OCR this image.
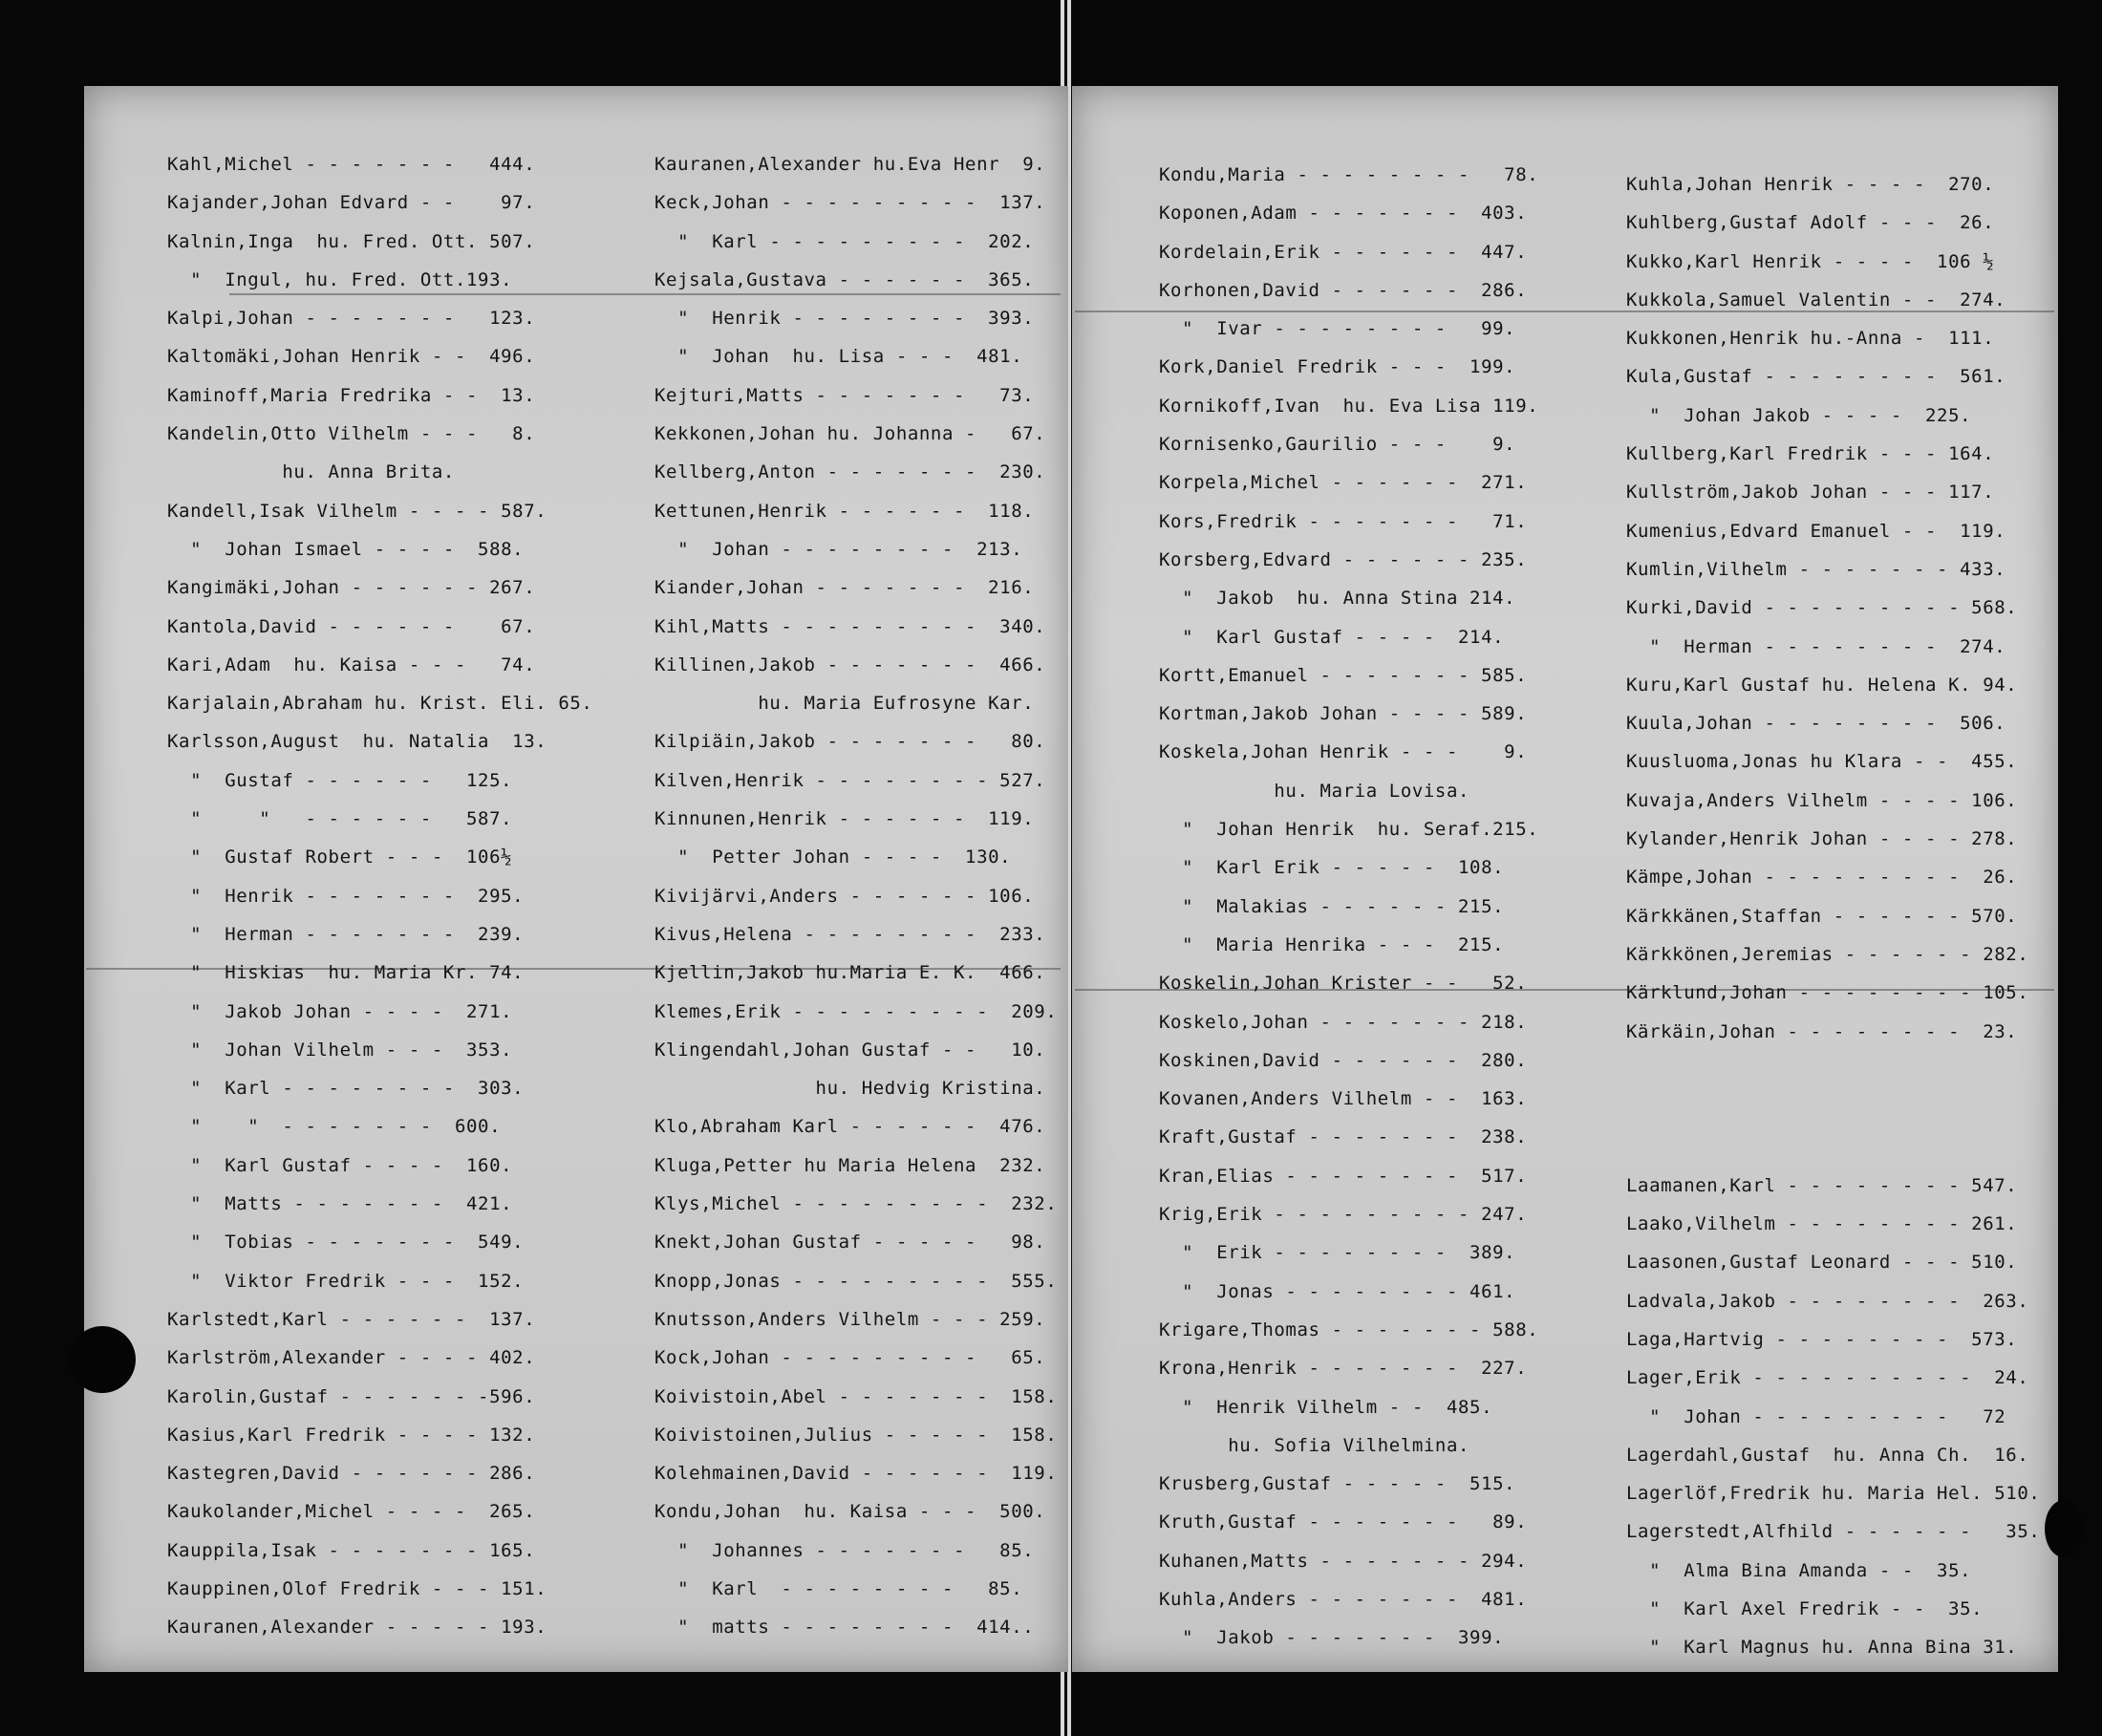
Kahl,Michel - - - - - - -   444.
Kajander,Johan Edvard - -    97.
Kalnin,Inga  hu. Fred. Ott. 507.
"  Ingul, hu. Fred. Ott.193.
Kalpi,Johan - - - - - - -   123.
Kaltomäki,Johan Henrik - -  496.
Kaminoff,Maria Fredrika - -  13.
Kandelin,Otto Vilhelm - - -   8.
hu. Anna Brita.
Kandell,Isak Vilhelm - - - - 587.
"  Johan Ismael - - - -  588.
Kangimäki,Johan - - - - - - 267.
Kantola,David - - - - - -    67.
Kari,Adam  hu. Kaisa - - -   74.
Karjalain,Abraham hu. Krist. Eli. 65.
Karlsson,August  hu. Natalia  13.
"  Gustaf - - - - - -   125.
"     "   - - - - - -   587.
"  Gustaf Robert - - -  106½
"  Henrik - - - - - - -  295.
"  Herman - - - - - - -  239.
"  Hiskias  hu. Maria Kr. 74.
"  Jakob Johan - - - -  271.
"  Johan Vilhelm - - -  353.
"  Karl - - - - - - - -  303.
"    "  - - - - - - -  600.
"  Karl Gustaf - - - -  160.
"  Matts - - - - - - -  421.
"  Tobias - - - - - - -  549.
"  Viktor Fredrik - - -  152.
Karlstedt,Karl - - - - - -  137.
Karlström,Alexander - - - - 402.
Karolin,Gustaf - - - - - - -596.
Kasius,Karl Fredrik - - - - 132.
Kastegren,David - - - - - - 286.
Kaukolander,Michel - - - -  265.
Kauppila,Isak - - - - - - - 165.
Kauppinen,Olof Fredrik - - - 151.
Kauranen,Alexander - - - - - 193.
Kauranen,Alexander hu.Eva Henr  9.
Keck,Johan - - - - - - - - -  137.
"  Karl - - - - - - - - -  202.
Kejsala,Gustava - - - - - -  365.
"  Henrik - - - - - - - -  393.
"  Johan  hu. Lisa - - -  481.
Kejturi,Matts - - - - - - -   73.
Kekkonen,Johan hu. Johanna -   67.
Kellberg,Anton - - - - - - -  230.
Kettunen,Henrik - - - - - -  118.
"  Johan - - - - - - - -  213.
Kiander,Johan - - - - - - -  216.
Kihl,Matts - - - - - - - - -  340.
Killinen,Jakob - - - - - - -  466.
hu. Maria Eufrosyne Kar.
Kilpiäin,Jakob - - - - - - -   80.
Kilven,Henrik - - - - - - - - 527.
Kinnunen,Henrik - - - - - -  119.
"  Petter Johan - - - -  130.
Kivijärvi,Anders - - - - - - 106.
Kivus,Helena - - - - - - - -  233.
Kjellin,Jakob hu.Maria E. K.  466.
Klemes,Erik - - - - - - - - -  209.
Klingendahl,Johan Gustaf - -   10.
hu. Hedvig Kristina.
Klo,Abraham Karl - - - - - -  476.
Kluga,Petter hu Maria Helena  232.
Klys,Michel - - - - - - - - -  232.
Knekt,Johan Gustaf - - - - -   98.
Knopp,Jonas - - - - - - - - -  555.
Knutsson,Anders Vilhelm - - - 259.
Kock,Johan - - - - - - - - -   65.
Koivistoin,Abel - - - - - - -  158.
Koivistoinen,Julius - - - - -  158.
Kolehmainen,David - - - - - -  119.
Kondu,Johan  hu. Kaisa - - -  500.
"  Johannes - - - - - - -   85.
"  Karl  - - - - - - - -   85.
"  matts - - - - - - - -  414..
Kondu,Maria - - - - - - - -   78.
Koponen,Adam - - - - - - -  403.
Kordelain,Erik - - - - - -  447.
Korhonen,David - - - - - -  286.
"  Ivar - - - - - - - -   99.
Kork,Daniel Fredrik - - -  199.
Kornikoff,Ivan  hu. Eva Lisa 119.
Kornisenko,Gaurilio - - -    9.
Korpela,Michel - - - - - -  271.
Kors,Fredrik - - - - - - -   71.
Korsberg,Edvard - - - - - - 235.
"  Jakob  hu. Anna Stina 214.
"  Karl Gustaf - - - -  214.
Kortt,Emanuel - - - - - - - 585.
Kortman,Jakob Johan - - - - 589.
Koskela,Johan Henrik - - -    9.
hu. Maria Lovisa.
"  Johan Henrik  hu. Seraf.215.
"  Karl Erik - - - - -  108.
"  Malakias - - - - - - 215.
"  Maria Henrika - - -  215.
Koskelin,Johan Krister - -   52.
Koskelo,Johan - - - - - - - 218.
Koskinen,David - - - - - -  280.
Kovanen,Anders Vilhelm - -  163.
Kraft,Gustaf - - - - - - -  238.
Kran,Elias - - - - - - - -  517.
Krig,Erik - - - - - - - - - 247.
"  Erik - - - - - - - -  389.
"  Jonas - - - - - - - - 461.
Krigare,Thomas - - - - - - - 588.
Krona,Henrik - - - - - - -  227.
"  Henrik Vilhelm - -  485.
hu. Sofia Vilhelmina.
Krusberg,Gustaf - - - - -  515.
Kruth,Gustaf - - - - - - -   89.
Kuhanen,Matts - - - - - - - 294.
Kuhla,Anders - - - - - - -  481.
"  Jakob - - - - - - -  399.
Kuhla,Johan Henrik - - - -  270.
Kuhlberg,Gustaf Adolf - - -  26.
Kukko,Karl Henrik - - - -  106 ½
Kukkola,Samuel Valentin - -  274.
Kukkonen,Henrik hu.-Anna -  111.
Kula,Gustaf - - - - - - - -  561.
"  Johan Jakob - - - -  225.
Kullberg,Karl Fredrik - - - 164.
Kullström,Jakob Johan - - - 117.
Kumenius,Edvard Emanuel - -  119.
Kumlin,Vilhelm - - - - - - - 433.
Kurki,David - - - - - - - - - 568.
"  Herman - - - - - - - -  274.
Kuru,Karl Gustaf hu. Helena K. 94.
Kuula,Johan - - - - - - - -  506.
Kuusluoma,Jonas hu Klara - -  455.
Kuvaja,Anders Vilhelm - - - - 106.
Kylander,Henrik Johan - - - - 278.
Kämpe,Johan - - - - - - - - -  26.
Kärkkänen,Staffan - - - - - - 570.
Kärkkönen,Jeremias - - - - - - 282.
Kärklund,Johan - - - - - - - - 105.
Kärkäin,Johan - - - - - - - -  23.
Laamanen,Karl - - - - - - - - 547.
Laako,Vilhelm - - - - - - - - 261.
Laasonen,Gustaf Leonard - - - 510.
Ladvala,Jakob - - - - - - - -  263.
Laga,Hartvig - - - - - - - -  573.
Lager,Erik - - - - - - - - - -  24.
"  Johan - - - - - - - - -   72
Lagerdahl,Gustaf  hu. Anna Ch.  16.
Lagerlöf,Fredrik hu. Maria Hel. 510.
Lagerstedt,Alfhild - - - - - -   35.
"  Alma Bina Amanda - -  35.
"  Karl Axel Fredrik - -  35.
"  Karl Magnus hu. Anna Bina 31.
